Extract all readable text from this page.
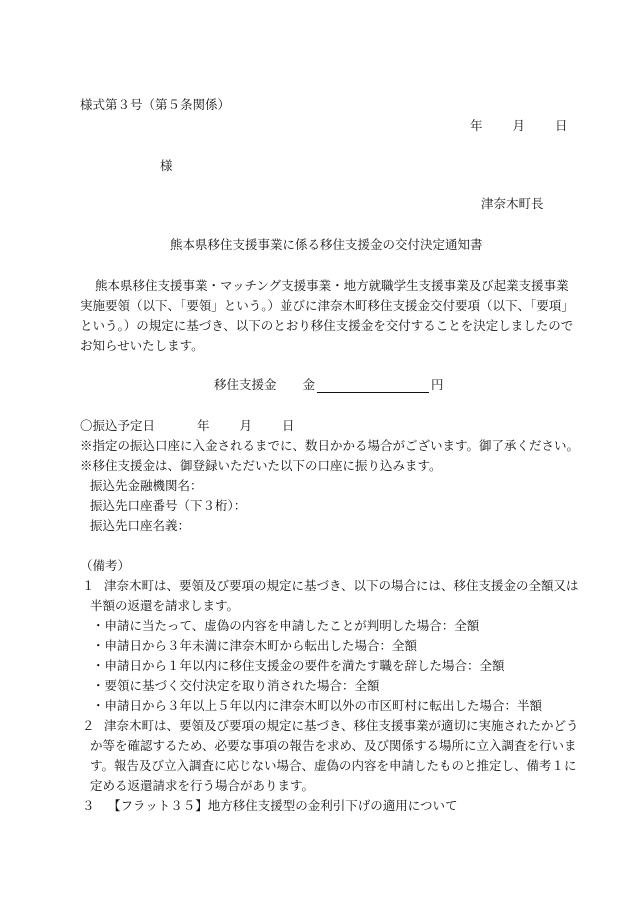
様式第３号（第５条関係）
年 月 日
様
津奈木町長
熊本県移住支援事業に係る移住支援金の交付決定通知書
熊本県移住支援事業・マッチング支援事業・地方就職学生支援事業及び起業支援事業
実施要領（以下、「要領」という。）並びに津奈木町移住支援金交付要項（以下、「要項」
という。）の規定に基づき、以下のとおり移住支援金を交付することを決定しましたので
お知らせいたします。
移住支援金 金	円
〇振込予定日	年 月 日
※指定の振込口座に入金されるまでに、数日かかる場合がございます。御了承ください。
※移住支援金は、御登録いただいた以下の口座に振り込みます。
振込先金融機関名：
振込先口座番号（下３桁）：
振込先口座名義：
（備考）
１ 津奈木町は、要領及び要項の規定に基づき、以下の場合には、移住支援金の全額又は
半額の返還を請求します。
・申請に当たって、虚偽の内容を申請したことが判明した場合：全額
・申請日から３年未満に津奈木町から転出した場合：全額
・申請日から１年以内に移住支援金の要件を満たす職を辞した場合：全額
・要領に基づく交付決定を取り消された場合：全額
・申請日から３年以上５年以内に津奈木町以外の市区町村に転出した場合：半額
２ 津奈木町は、要領及び要項の規定に基づき、移住支援事業が適切に実施されたかどう
か等を確認するため、必要な事項の報告を求め、及び関係する場所に立入調査を行いま
す。報告及び立入調査に応じない場合、虚偽の内容を申請したものと推定し、備考１に
定める返還請求を行う場合があります。
３ 【フラット３５】地方移住支援型の金利引下げの適用について
